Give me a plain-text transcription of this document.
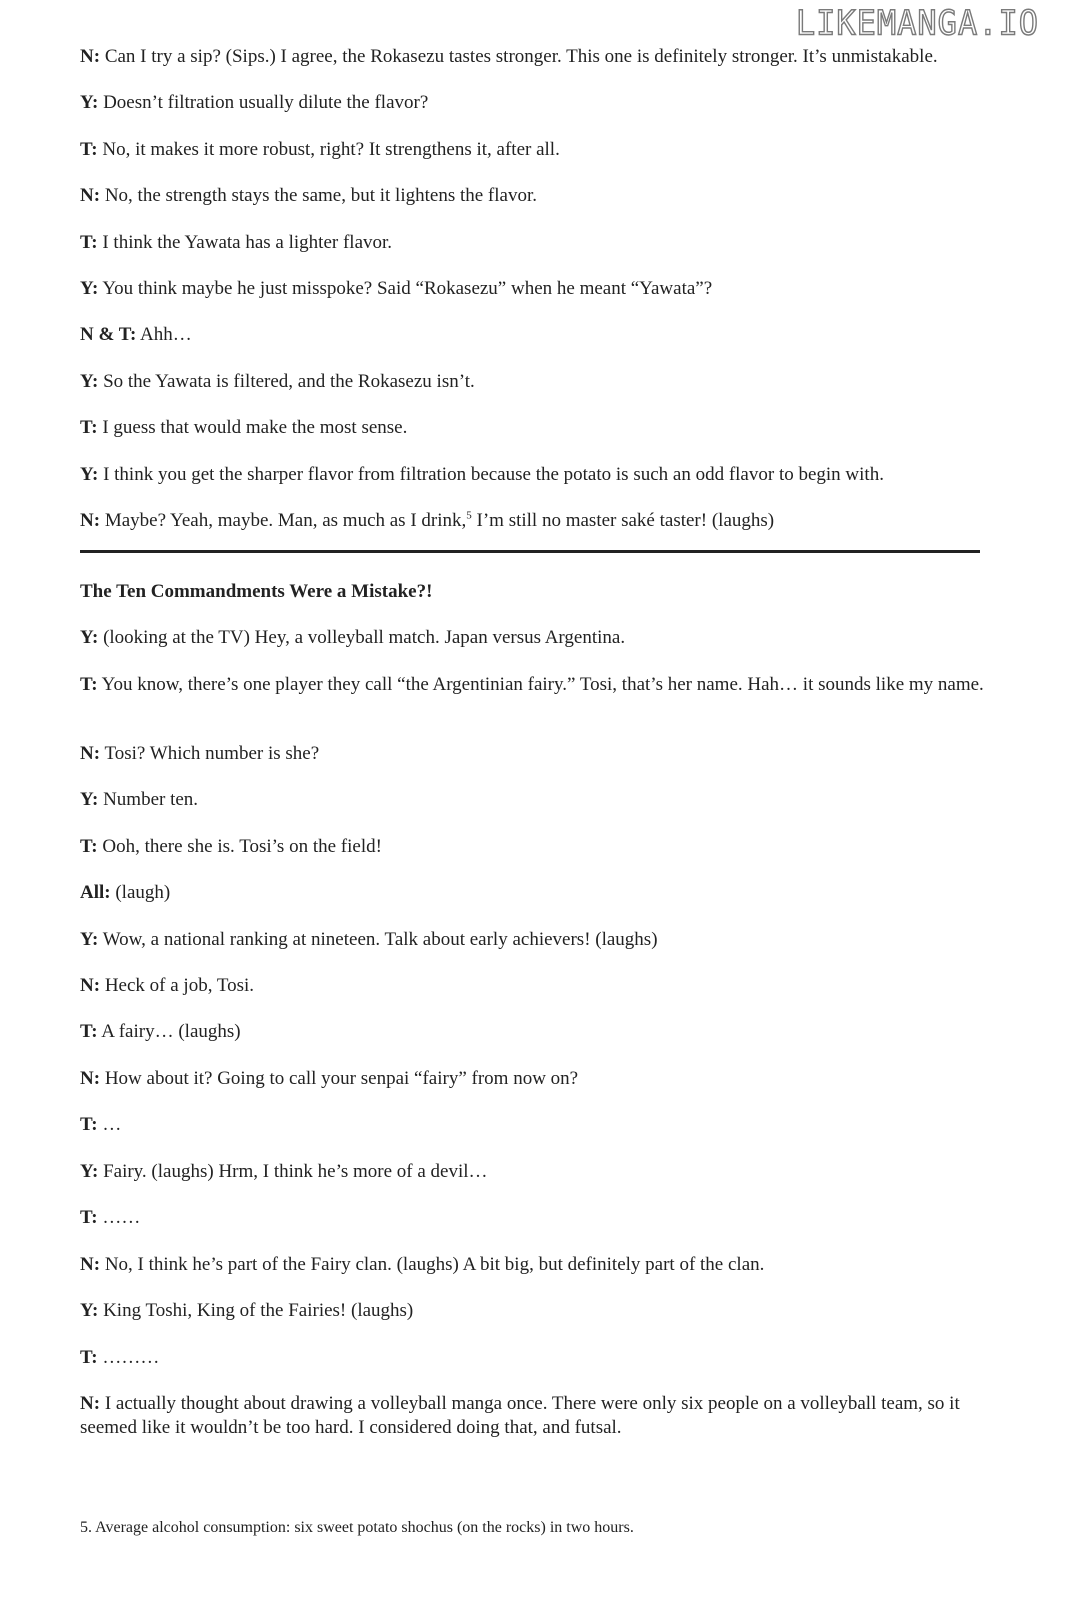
LIKEMANGA.IO
N: Can I try a sip? (Sips.) I agree, the Rokasezu tastes stronger. This one is definitely stronger. It’s unmistakable.
Y: Doesn’t filtration usually dilute the flavor?
T: No, it makes it more robust, right? It strengthens it, after all.
N: No, the strength stays the same, but it lightens the flavor.
T: I think the Yawata has a lighter flavor.
Y: You think maybe he just misspoke? Said “Rokasezu” when he meant “Yawata”?
N & T: Ahh…
Y: So the Yawata is filtered, and the Rokasezu isn’t.
T: I guess that would make the most sense.
Y: I think you get the sharper flavor from filtration because the potato is such an odd flavor to begin with.
N: Maybe? Yeah, maybe. Man, as much as I drink,$^5$ I’m still no master saké taster! (laughs)
The Ten Commandments Were a Mistake?!
Y: (looking at the TV) Hey, a volleyball match. Japan versus Argentina.
T: You know, there’s one player they call “the Argentinian fairy.” Tosi, that’s her name. Hah… it sounds like my name.
N: Tosi? Which number is she?
Y: Number ten.
T: Ooh, there she is. Tosi’s on the field!
All: (laugh)
Y: Wow, a national ranking at nineteen. Talk about early achievers! (laughs)
N: Heck of a job, Tosi.
T: A fairy… (laughs)
N: How about it? Going to call your senpai “fairy” from now on?
T: …
Y: Fairy. (laughs) Hrm, I think he’s more of a devil…
T: ……
N: No, I think he’s part of the Fairy clan. (laughs) A bit big, but definitely part of the clan.
Y: King Toshi, King of the Fairies! (laughs)
T: ………
N: I actually thought about drawing a volleyball manga once. There were only six people on a volleyball team, so it seemed like it wouldn’t be too hard. I considered doing that, and futsal.
5. Average alcohol consumption: six sweet potato shochus (on the rocks) in two hours.
